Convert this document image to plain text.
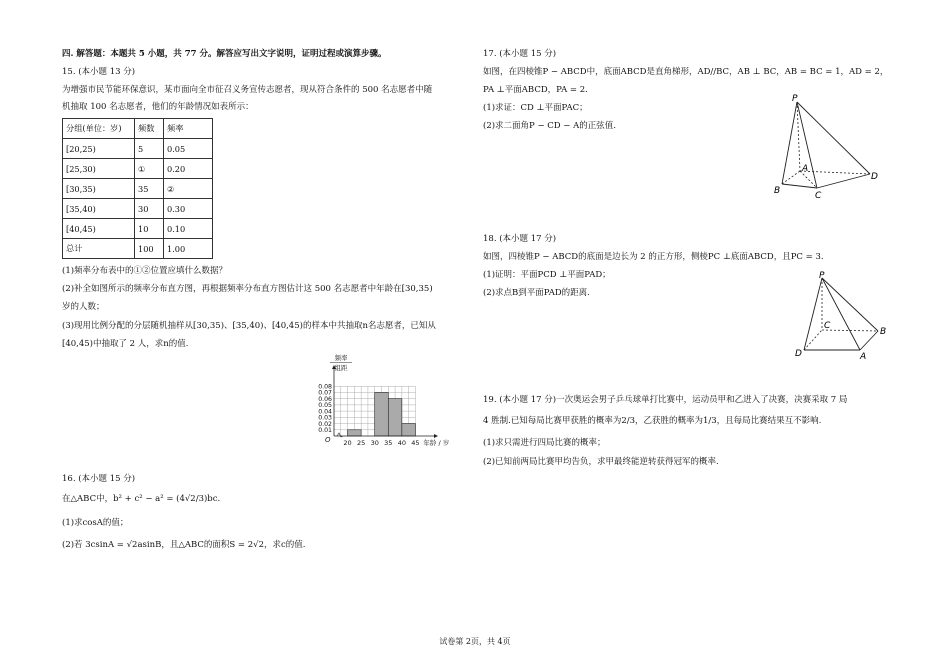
四. 解答题：本题共 5 小题，共 77 分。解答应写出文字说明，证明过程或演算步骤。
15. (本小题 13 分)
为增强市民节能环保意识，某市面向全市征召义务宣传志愿者，现从符合条件的 500 名志愿者中随
机抽取 100 名志愿者，他们的年龄情况如表所示：
分组(单位：岁)	频数	频率
[20,25)	5	0.05
[25,30)	①	0.20
[30,35)	35	②
[35,40)	30	0.30
[40,45)	10	0.10
总计	100	1.00
(1)频率分布表中的①②位置应填什么数据？
(2)补全如图所示的频率分布直方图，再根据频率分布直方图估计这 500 名志愿者中年龄在[30,35)
岁的人数；
(3)现用比例分配的分层随机抽样从[30,35)、[35,40)、[40,45)的样本中共抽取n名志愿者，已知从
[40,45)中抽取了 2 人，求n的值.
0.01
0.02
0.03
0.04
0.05
0.06
0.07
0.08
20 25 30 35 40 45 年龄 / 岁
O
频率
组距
16. (本小题 15 分)
在△ABC中，b² + c² − a² = (4√2/3)bc.
(1)求cosA的值；
(2)若 3csinA = √2asinB，且△ABC的面积S = 2√2，求c的值.
17. (本小题 15 分)
如图，在四棱锥P − ABCD中，底面ABCD是直角梯形，AD//BC，AB ⊥ BC，AB = BC = 1，AD = 2，
PA ⊥平面ABCD，PA = 2.
(1)求证：CD ⊥平面PAC；
(2)求二面角P − CD − A的正弦值.
P
A
B	C
D
18. (本小题 17 分)
如图，四棱锥P − ABCD的底面是边长为 2 的正方形，侧棱PC ⊥底面ABCD，且PC = 3.
(1)证明：平面PCD ⊥平面PAD；
(2)求点B到平面PAD的距离.
P
C
B
D	A
19. (本小题 17 分)一次奥运会男子乒乓球单打比赛中，运动员甲和乙进入了决赛，决赛采取 7 局
4 胜制.已知每局比赛甲获胜的概率为2/3，乙获胜的概率为1/3，且每局比赛结果互不影响.
(1)求只需进行四局比赛的概率；
(2)已知前两局比赛甲均告负，求甲最终能逆转获得冠军的概率.
试卷第 2页，共 4页
